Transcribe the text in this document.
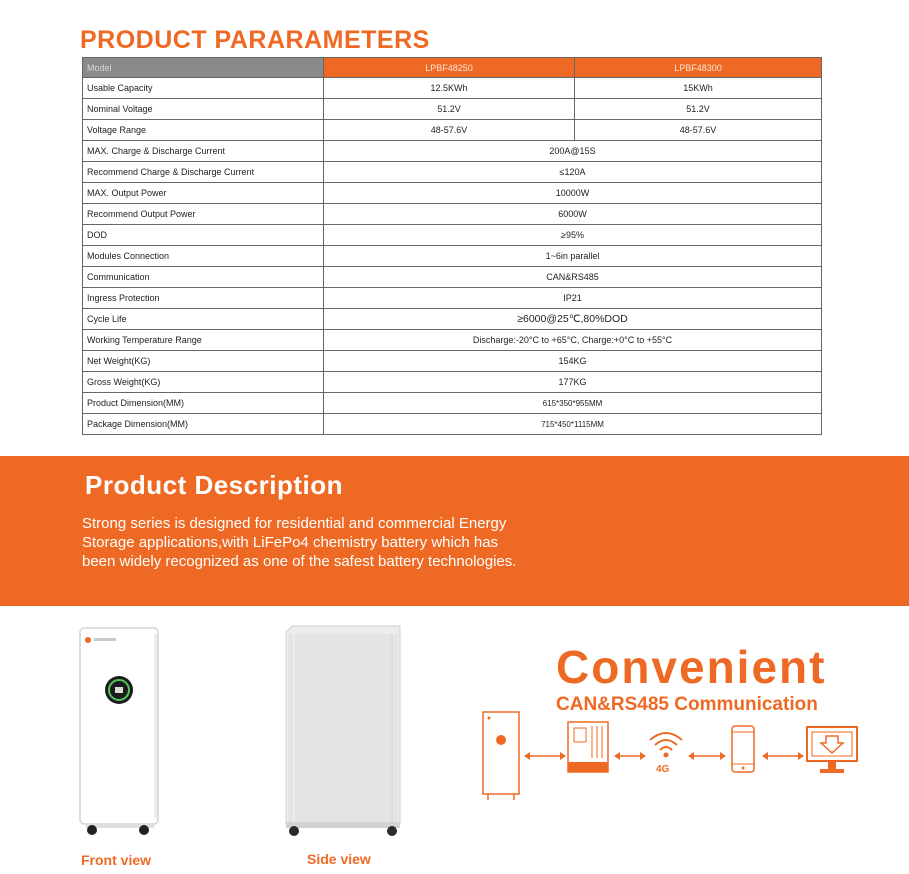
PRODUCT PARARAMETERS
Model	LPBF48250	LPBF48300
Usable Capacity	12.5KWh	15KWh
Nominal Voltage	51.2V	51.2V
Voltage Range	48-57.6V	48-57.6V
MAX. Charge & Discharge Current	200A@15S	
Recommend Charge & Discharge Current	≤120A	
MAX. Output Power	10000W	
Recommend Output Power	6000W	
DOD	≥95%	
Modules Connection	1~6in parallel	
Communication	CAN&RS485	
Ingress Protection	IP21	
Cycle Life	≥6000@25℃,80%DOD	
Working Temperature Range	Discharge:-20°C to +65°C, Charge:+0°C to +55°C	
Net Weight(KG)	154KG	
Gross Weight(KG)	177KG	
Product Dimension(MM)	615*350*955MM	
Package Dimension(MM)	715*450*1115MM	
Product Description

Strong series is designed for residential and commercial Energy
Storage applications,with LiFePo4 chemistry battery which has
been widely recognized as one of the safest battery technologies.

Front view	Side view
Convenient
CAN&RS485 Communication
4G
